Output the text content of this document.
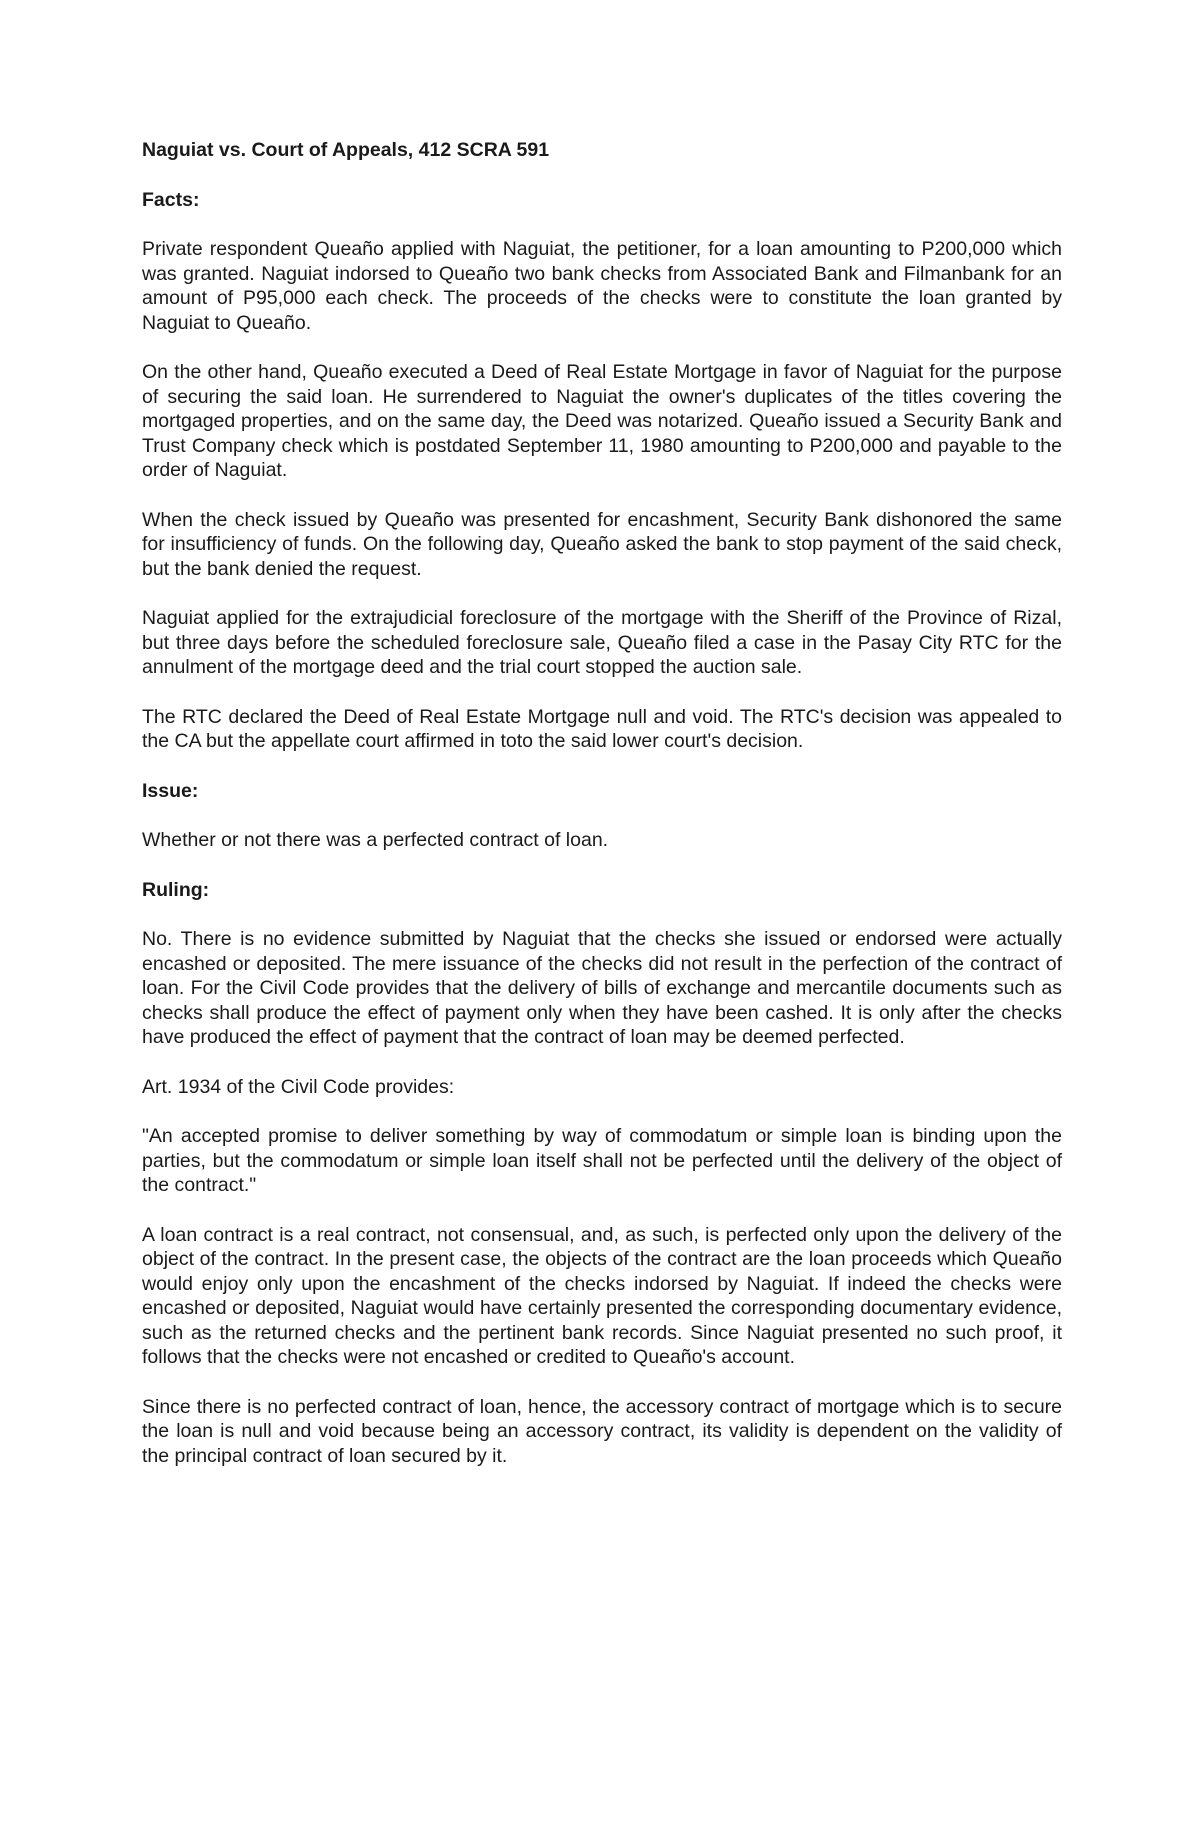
Naguiat vs. Court of Appeals, 412 SCRA 591

Facts:

Private respondent Queaño applied with Naguiat, the petitioner, for a loan amounting to P200,000 which was granted. Naguiat indorsed to Queaño two bank checks from Associated Bank and Filmanbank for an amount of P95,000 each check. The proceeds of the checks were to constitute the loan granted by Naguiat to Queaño.

On the other hand, Queaño executed a Deed of Real Estate Mortgage in favor of Naguiat for the purpose of securing the said loan. He surrendered to Naguiat the owner's duplicates of the titles covering the mortgaged properties, and on the same day, the Deed was notarized. Queaño issued a Security Bank and Trust Company check which is postdated September 11, 1980 amounting to P200,000 and payable to the order of Naguiat.

When the check issued by Queaño was presented for encashment, Security Bank dishonored the same for insufficiency of funds. On the following day, Queaño asked the bank to stop payment of the said check, but the bank denied the request.

Naguiat applied for the extrajudicial foreclosure of the mortgage with the Sheriff of the Province of Rizal, but three days before the scheduled foreclosure sale, Queaño filed a case in the Pasay City RTC for the annulment of the mortgage deed and the trial court stopped the auction sale.

The RTC declared the Deed of Real Estate Mortgage null and void. The RTC's decision was appealed to the CA but the appellate court affirmed in toto the said lower court's decision.

Issue:

Whether or not there was a perfected contract of loan.

Ruling:

No. There is no evidence submitted by Naguiat that the checks she issued or endorsed were actually encashed or deposited. The mere issuance of the checks did not result in the perfection of the contract of loan. For the Civil Code provides that the delivery of bills of exchange and mercantile documents such as checks shall produce the effect of payment only when they have been cashed. It is only after the checks have produced the effect of payment that the contract of loan may be deemed perfected.

Art. 1934 of the Civil Code provides:

"An accepted promise to deliver something by way of commodatum or simple loan is binding upon the parties, but the commodatum or simple loan itself shall not be perfected until the delivery of the object of the contract."

A loan contract is a real contract, not consensual, and, as such, is perfected only upon the delivery of the object of the contract. In the present case, the objects of the contract are the loan proceeds which Queaño would enjoy only upon the encashment of the checks indorsed by Naguiat. If indeed the checks were encashed or deposited, Naguiat would have certainly presented the corresponding documentary evidence, such as the returned checks and the pertinent bank records. Since Naguiat presented no such proof, it follows that the checks were not encashed or credited to Queaño's account.

Since there is no perfected contract of loan, hence, the accessory contract of mortgage which is to secure the loan is null and void because being an accessory contract, its validity is dependent on the validity of the principal contract of loan secured by it.
